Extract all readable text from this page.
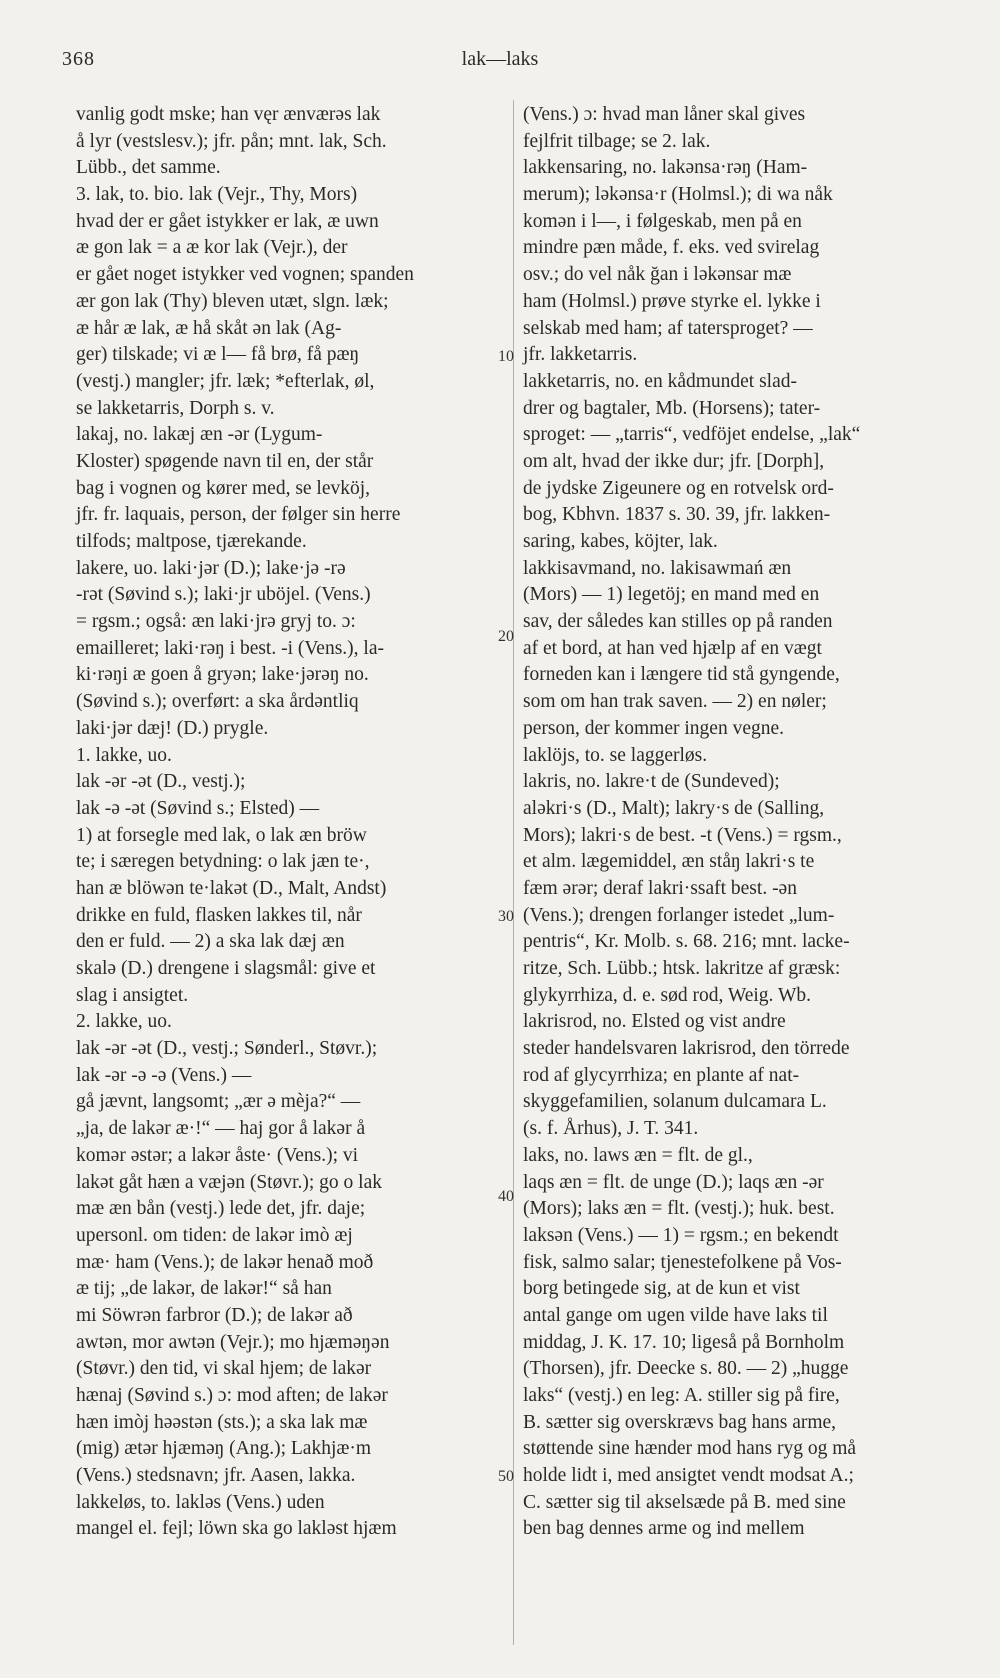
368	lak—laks
vanlig godt mske; han vęr ænværəs lak
å lyr (vestslesv.); jfr. pån; mnt. lak, Sch.
Lübb., det samme.
3. lak, to. bio. lak (Vejr., Thy, Mors)
hvad der er gået istykker er lak, æ uwn
æ gon lak = a æ kor lak (Vejr.), der
er gået noget istykker ved vognen; spanden
ær gon lak (Thy) bleven utæt, slgn. læk;
æ hår æ lak, æ hå skåt ən lak (Ag-
ger) tilskade; vi æ l— få brø, få pæŋ
(vestj.) mangler; jfr. læk; *efterlak, øl,
se lakketarris, Dorph s. v.
lakaj, no. lakæj æn -ər (Lygum-
Kloster) spøgende navn til en, der står
bag i vognen og kører med, se levköj,
jfr. fr. laquais, person, der følger sin herre
tilfods; maltpose, tjærekande.
lakere, uo. laki·jər (D.); lake·jə -rə
-rət (Søvind s.); laki·jr uböjel. (Vens.)
= rgsm.; også: æn laki·jrə gryj to. ɔ:
emailleret; laki·rəŋ i best. -i (Vens.), la-
ki·rəŋi æ goen å gryən; lake·jərəŋ no.
(Søvind s.); overført: a ska årdəntliq
laki·jər dæj! (D.) prygle.
1. lakke, uo.
lak -ər -ət (D., vestj.);
lak -ə -ət (Søvind s.; Elsted) —
1) at forsegle med lak, o lak æn bröw
te; i særegen betydning: o lak jæn te·,
han æ blöwən te·lakət (D., Malt, Andst)
drikke en fuld, flasken lakkes til, når
den er fuld. — 2) a ska lak dæj æn
skalə (D.) drengene i slagsmål: give et
slag i ansigtet.
2. lakke, uo.
lak -ər -ət (D., vestj.; Sønderl., Støvr.);
lak -ər -ə -ə (Vens.) —
gå jævnt, langsomt; „ær ə mèja?“ —
„ja, de lakər æ·!“ — haj gor å lakər å
komər əstər; a lakər åste· (Vens.); vi
lakət gåt hæn a væjən (Støvr.); go o lak
mæ æn bån (vestj.) lede det, jfr. daje;
upersonl. om tiden: de lakər imò æj
mæ· ham (Vens.); de lakər henað moð
æ tij; „de lakər, de lakər!“ så han
mi Söwrən farbror (D.); de lakər að
awtən, mor awtən (Vejr.); mo hjæməŋən
(Støvr.) den tid, vi skal hjem; de lakər
hænaj (Søvind s.) ɔ: mod aften; de lakər
hæn imòj həəstən (sts.); a ska lak mæ
(mig) ætər hjæməŋ (Ang.); Lakhjæ·m
(Vens.) stedsnavn; jfr. Aasen, lakka.
lakkeløs, to. lakləs (Vens.) uden
mangel el. fejl; löwn ska go lakləst hjæm
10
20
30
40
50
(Vens.) ɔ: hvad man låner skal gives
fejlfrit tilbage; se 2. lak.
lakkensaring, no. lakənsa·rəŋ (Ham-
merum); ləkənsa·r (Holmsl.); di wa nåk
komən i l—, i følgeskab, men på en
mindre pæn måde, f. eks. ved svirelag
osv.; do vel nåk ğan i ləkənsar mæ
ham (Holmsl.) prøve styrke el. lykke i
selskab med ham; af tatersproget? —
jfr. lakketarris.
lakketarris, no. en kådmundet slad-
drer og bagtaler, Mb. (Horsens); tater-
sproget: — „tarris“, vedföjet endelse, „lak“
om alt, hvad der ikke dur; jfr. [Dorph],
de jydske Zigeunere og en rotvelsk ord-
bog, Kbhvn. 1837 s. 30. 39, jfr. lakken-
saring, kabes, köjter, lak.
lakkisavmand, no. lakisawmań æn
(Mors) — 1) legetöj; en mand med en
sav, der således kan stilles op på randen
af et bord, at han ved hjælp af en vægt
forneden kan i længere tid stå gyngende,
som om han trak saven. — 2) en nøler;
person, der kommer ingen vegne.
laklöjs, to. se laggerløs.
lakris, no. lakre·t de (Sundeved);
aləkri·s (D., Malt); lakry·s de (Salling,
Mors); lakri·s de best. -t (Vens.) = rgsm.,
et alm. lægemiddel, æn ståŋ lakri·s te
fæm ərər; deraf lakri·ssaft best. -ən
(Vens.); drengen forlanger istedet „lum-
pentris“, Kr. Molb. s. 68. 216; mnt. lacke-
ritze, Sch. Lübb.; htsk. lakritze af græsk:
glykyrrhiza, d. e. sød rod, Weig. Wb.
lakrisrod, no. Elsted og vist andre
steder handelsvaren lakrisrod, den törrede
rod af glycyrrhiza; en plante af nat-
skyggefamilien, solanum dulcamara L.
(s. f. Århus), J. T. 341.
laks, no. laws æn = flt. de gl.,
laqs æn = flt. de unge (D.); laqs æn -ər
(Mors); laks æn = flt. (vestj.); huk. best.
laksən (Vens.) — 1) = rgsm.; en bekendt
fisk, salmo salar; tjenestefolkene på Vos-
borg betingede sig, at de kun et vist
antal gange om ugen vilde have laks til
middag, J. K. 17. 10; ligeså på Bornholm
(Thorsen), jfr. Deecke s. 80. — 2) „hugge
laks“ (vestj.) en leg: A. stiller sig på fire,
B. sætter sig overskrævs bag hans arme,
støttende sine hænder mod hans ryg og må
holde lidt i, med ansigtet vendt modsat A.;
C. sætter sig til akselsæde på B. med sine
ben bag dennes arme og ind mellem
